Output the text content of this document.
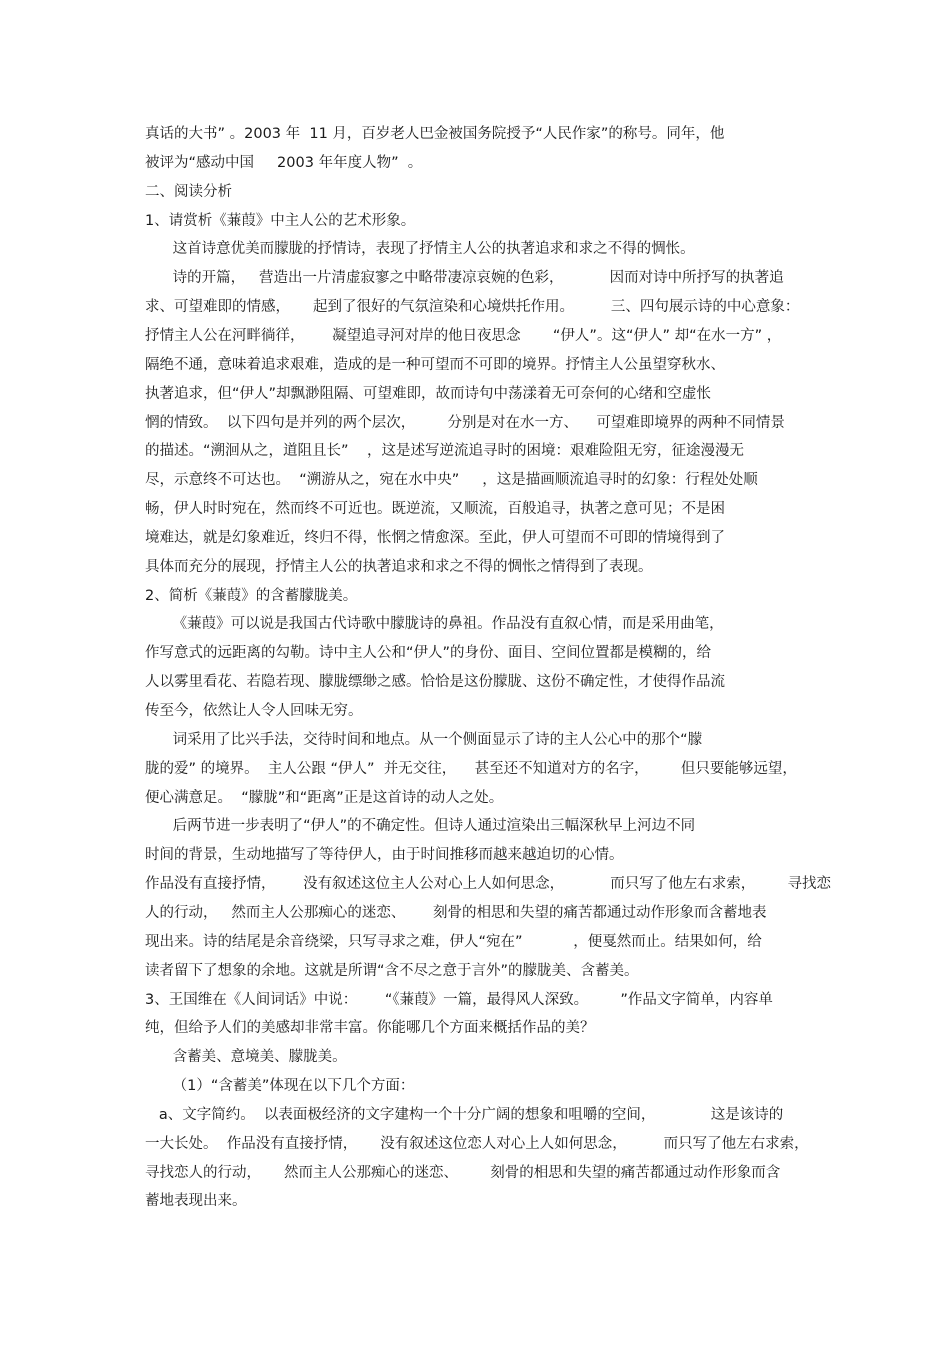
真话的大书” 。2003 年  11 月，百岁老人巴金被国务院授予“人民作家”的称号。同年，他
被评为“感动中国     2003 年年度人物”  。
二、阅读分析
1、请赏析《蒹葭》中主人公的艺术形象。
这首诗意优美而朦胧的抒情诗，表现了抒情主人公的执著追求和求之不得的惆怅。
诗的开篇，   营造出一片清虚寂寥之中略带凄凉哀婉的色彩，          因而对诗中所抒写的执著追
求、可望难即的情感，     起到了很好的气氛渲染和心境烘托作用。        三、四句展示诗的中心意象：
抒情主人公在河畔徜徉，      凝望追寻河对岸的他日夜思念       “伊人”。这“伊人” 却“在水一方” ，
隔绝不通，意味着追求艰难，造成的是一种可望而不可即的境界。抒情主人公虽望穿秋水、
执著追求，但“伊人”却飘渺阻隔、可望难即，故而诗句中荡漾着无可奈何的心绪和空虚怅
惘的情致。  以下四句是并列的两个层次，       分别是对在水一方、    可望难即境界的两种不同情景
的描述。“溯洄从之，道阻且长”    ，这是述写逆流追寻时的困境：艰难险阻无穷，征途漫漫无
尽，示意终不可达也。  “溯游从之，宛在水中央”     ，这是描画顺流追寻时的幻象：行程处处顺
畅，伊人时时宛在，然而终不可近也。既逆流，又顺流，百般追寻，执著之意可见；不是困
境难达，就是幻象难近，终归不得，怅惘之情愈深。至此，伊人可望而不可即的情境得到了
具体而充分的展现，抒情主人公的执著追求和求之不得的惆怅之情得到了表现。
2、简析《蒹葭》的含蓄朦胧美。
《蒹葭》可以说是我国古代诗歌中朦胧诗的鼻祖。作品没有直叙心情，而是采用曲笔，
作写意式的远距离的勾勒。诗中主人公和“伊人”的身份、面目、空间位置都是模糊的，给
人以雾里看花、若隐若现、朦胧缥缈之感。恰恰是这份朦胧、这份不确定性，才使得作品流
传至今，依然让人令人回味无穷。
词采用了比兴手法，交待时间和地点。从一个侧面显示了诗的主人公心中的那个“朦
胧的爱” 的境界。  主人公跟 “伊人”  并无交往，    甚至还不知道对方的名字，       但只要能够远望，
便心满意足。  “朦胧”和“距离”正是这首诗的动人之处。
后两节进一步表明了“伊人”的不确定性。但诗人通过渲染出三幅深秋早上河边不同
时间的背景，生动地描写了等待伊人，由于时间推移而越来越迫切的心情。
作品没有直接抒情，      没有叙述这位主人公对心上人如何思念，          而只写了他左右求索，       寻找恋
人的行动，   然而主人公那痴心的迷恋、      刻骨的相思和失望的痛苦都通过动作形象而含蓄地表
现出来。诗的结尾是余音绕梁，只写寻求之难，伊人“宛在”           ，便戛然而止。结果如何，给
读者留下了想象的余地。这就是所谓“含不尽之意于言外”的朦胧美、含蓄美。
3、王国维在《人间词话》中说：      “《蒹葭》一篇，最得风人深致。       ”作品文字简单，内容单
纯，但给予人们的美感却非常丰富。你能哪几个方面来概括作品的美？
含蓄美、意境美、朦胧美。
（1）“含蓄美”体现在以下几个方面：
a、文字简约。  以表面极经济的文字建构一个十分广阔的想象和咀嚼的空间，            这是该诗的
一大长处。  作品没有直接抒情，     没有叙述这位恋人对心上人如何思念，        而只写了他左右求索，
寻找恋人的行动，     然而主人公那痴心的迷恋、       刻骨的相思和失望的痛苦都通过动作形象而含
蓄地表现出来。
